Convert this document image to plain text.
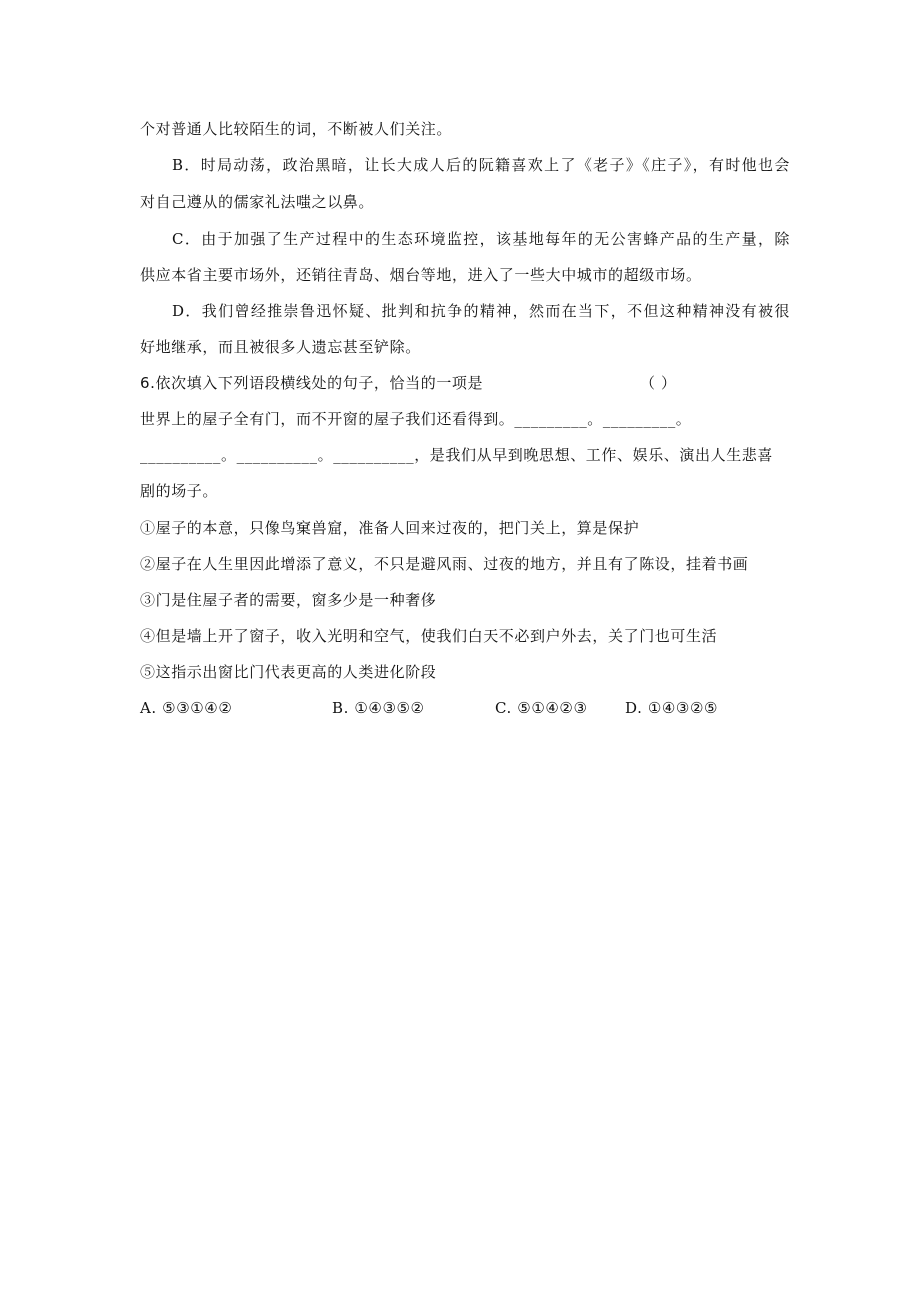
个对普通人比较陌生的词，不断被人们关注。
B．时局动荡，政治黑暗，让长大成人后的阮籍喜欢上了《老子》《庄子》，有时他也会
对自己遵从的儒家礼法嗤之以鼻。
C．由于加强了生产过程中的生态环境监控，该基地每年的无公害蜂产品的生产量，除
供应本省主要市场外，还销往青岛、烟台等地，进入了一些大中城市的超级市场。
D．我们曾经推崇鲁迅怀疑、批判和抗争的精神，然而在当下，不但这种精神没有被很
好地继承，而且被很多人遗忘甚至铲除。
6.依次填入下列语段横线处的句子，恰当的一项是	（ ）
世界上的屋子全有门，而不开窗的屋子我们还看得到。_________。_________。
__________。__________。__________，是我们从早到晚思想、工作、娱乐、演出人生悲喜
剧的场子。
①屋子的本意，只像鸟窠兽窟，准备人回来过夜的，把门关上，算是保护
②屋子在人生里因此增添了意义，不只是避风雨、过夜的地方，并且有了陈设，挂着书画
③门是住屋子者的需要，窗多少是一种奢侈
④但是墙上开了窗子，收入光明和空气，使我们白天不必到户外去，关了门也可生活
⑤这指示出窗比门代表更高的人类进化阶段
A. ⑤③①④②	B. ①④③⑤②	C. ⑤①④②③ D. ①④③②⑤
